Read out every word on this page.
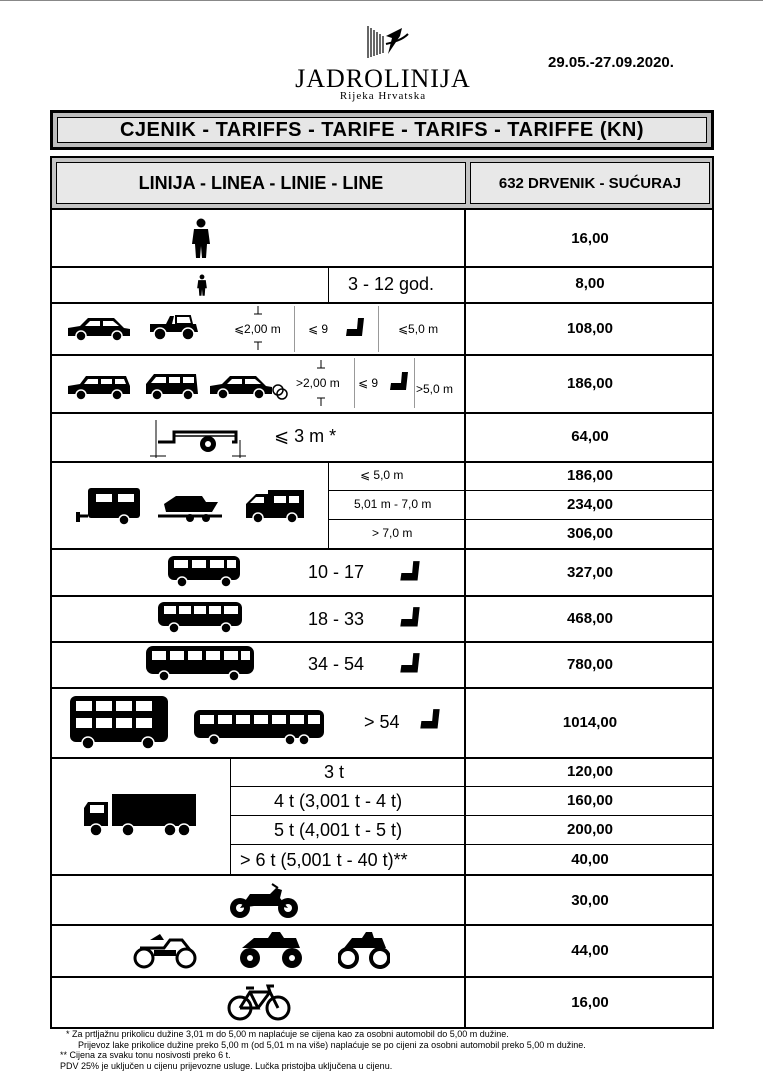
JADROLINIJA
Rijeka Hrvatska
29.05.-27.09.2020.
CJENIK - TARIFFS - TARIFE - TARIFS - TARIFFE (KN)
LINIJA - LINEA - LINIE - LINE	632 DRVENIK - SUĆURAJ
16,00
3 - 12 god.	8,00
⩽2,00 m ⩽ 9	⩽5,0 m	108,00
>2,00 m ⩽ 9	>5,0 m	186,00
⩽ 3 m *	64,00
⩽ 5,0 m	186,00
5,01 m - 7,0 m	234,00
> 7,0 m	306,00
10 - 17	327,00
18 - 33	468,00
34 - 54	780,00
> 54	1014,00
3 t	120,00
4 t (3,001 t - 4 t)	160,00
5 t (4,001 t - 5 t)	200,00
> 6 t (5,001 t - 40 t)**	40,00
30,00
44,00
16,00
* Za prtljažnu prikolicu dužine 3,01 m do 5,00 m naplaćuje se cijena kao za osobni automobil do 5,00 m dužine.
Prijevoz lake prikolice dužine preko 5,00 m (od 5,01 m na više) naplaćuje se po cijeni za osobni automobil preko 5,00 m dužine.
** Cijena za svaku tonu nosivosti preko 6 t.
PDV 25% je uključen u cijenu prijevozne usluge. Lučka pristojba uključena u cijenu.
